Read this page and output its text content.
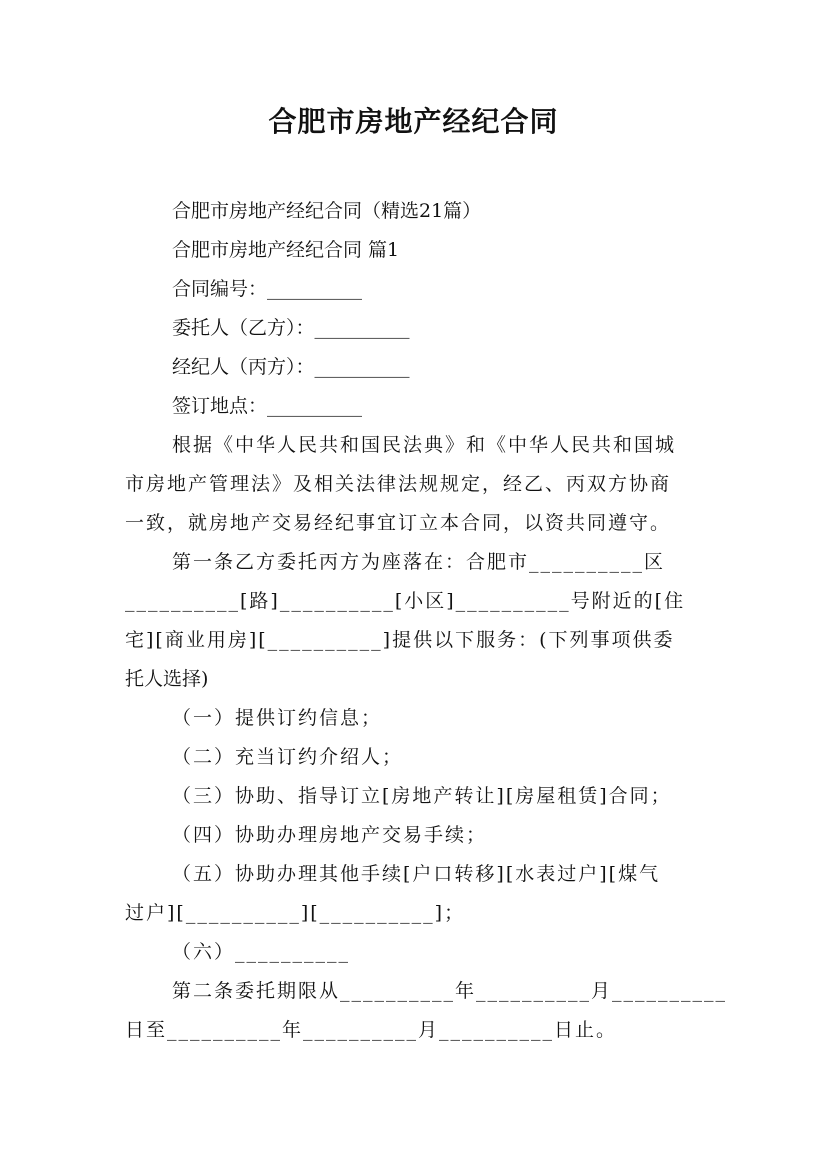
合肥市房地产经纪合同
合肥市房地产经纪合同（精选21篇）
合肥市房地产经纪合同 篇1
合同编号：__________
委托人（乙方）：__________
经纪人（丙方）：__________
签订地点：__________
根据《中华人民共和国民法典》和《中华人民共和国城
市房地产管理法》及相关法律法规规定，经乙、丙双方协商
一致，就房地产交易经纪事宜订立本合同，以资共同遵守。
第一条乙方委托丙方为座落在：合肥市__________区
__________[路]__________[小区]__________号附近的[住
宅][商业用房][__________]提供以下服务：(下列事项供委
托人选择)
（一）提供订约信息；
（二）充当订约介绍人；
（三）协助、指导订立[房地产转让][房屋租赁]合同；
（四）协助办理房地产交易手续；
（五）协助办理其他手续[户口转移][水表过户][煤气
过户][__________][__________]；
（六）__________
第二条委托期限从__________年__________月__________
日至__________年__________月__________日止。
